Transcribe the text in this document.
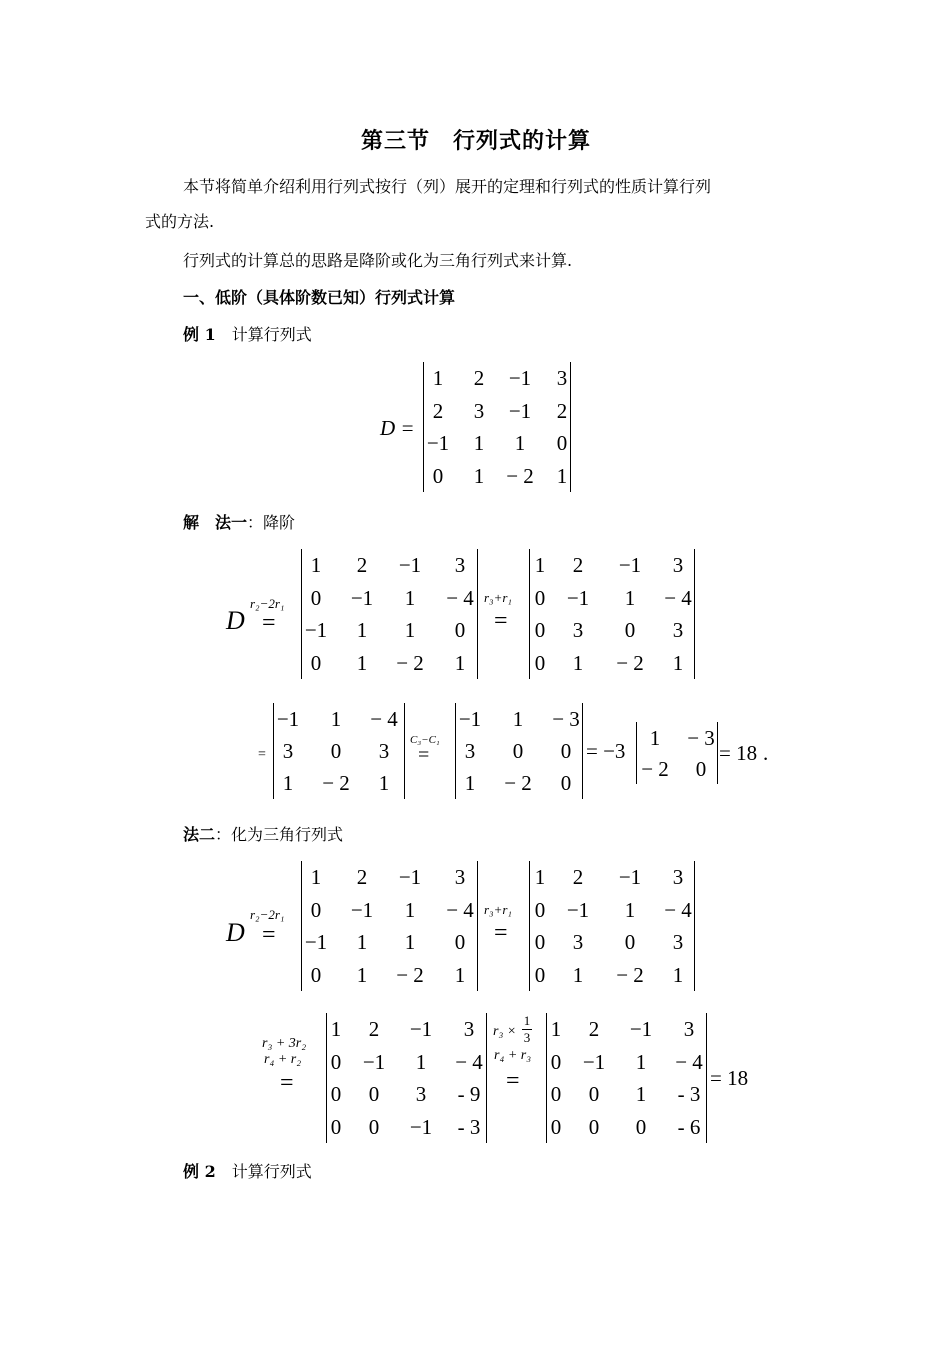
第三节　行列式的计算
本节将简单介绍利用行列式按行（列）展开的定理和行列式的性质计算行列
式的方法.
行列式的计算总的思路是降阶或化为三角行列式来计算.
一、低阶（具体阶数已知）行列式计算
例 1　 计算行列式
D =
1	2	−1	3
2	3	−1	2
−1	1	1	0
0	1	− 2	1
解　 法一：降阶
D
r₂−2r₁
=
1	2	−1	3
0	−1	1	− 4
−1	1	1	0
0	1	− 2	1
r₃+r₁
=
1	2	−1	3
0	−1	1	− 4
0	3	0	3
0	1	− 2	1
=
−1	1	− 4
3	0	3
1	− 2	1
C₃−C₁
=
−1	1	− 3
3	0	0
1	− 2	0
= −3
1	− 3
− 2	0
= 18 .
法二：化为三角行列式
D
r₂−2r₁
=
1	2	−1	3
0	−1	1	− 4
−1	1	1	0
0	1	− 2	1
r₃+r₁
=
1	2	−1	3
0	−1	1	− 4
0	3	0	3
0	1	− 2	1
r₃ + 3r₂
r₄ + r₂
=
1	2	−1	3
0	−1	1	− 4
0	0	3	- 9
0	0	−1	- 3
r₃ ×
1
3
r₄ + r₃
=
1	2	−1	3
0	−1	1	− 4
0	0	1	- 3
0	0	0	- 6
= 18
例 2　 计算行列式
